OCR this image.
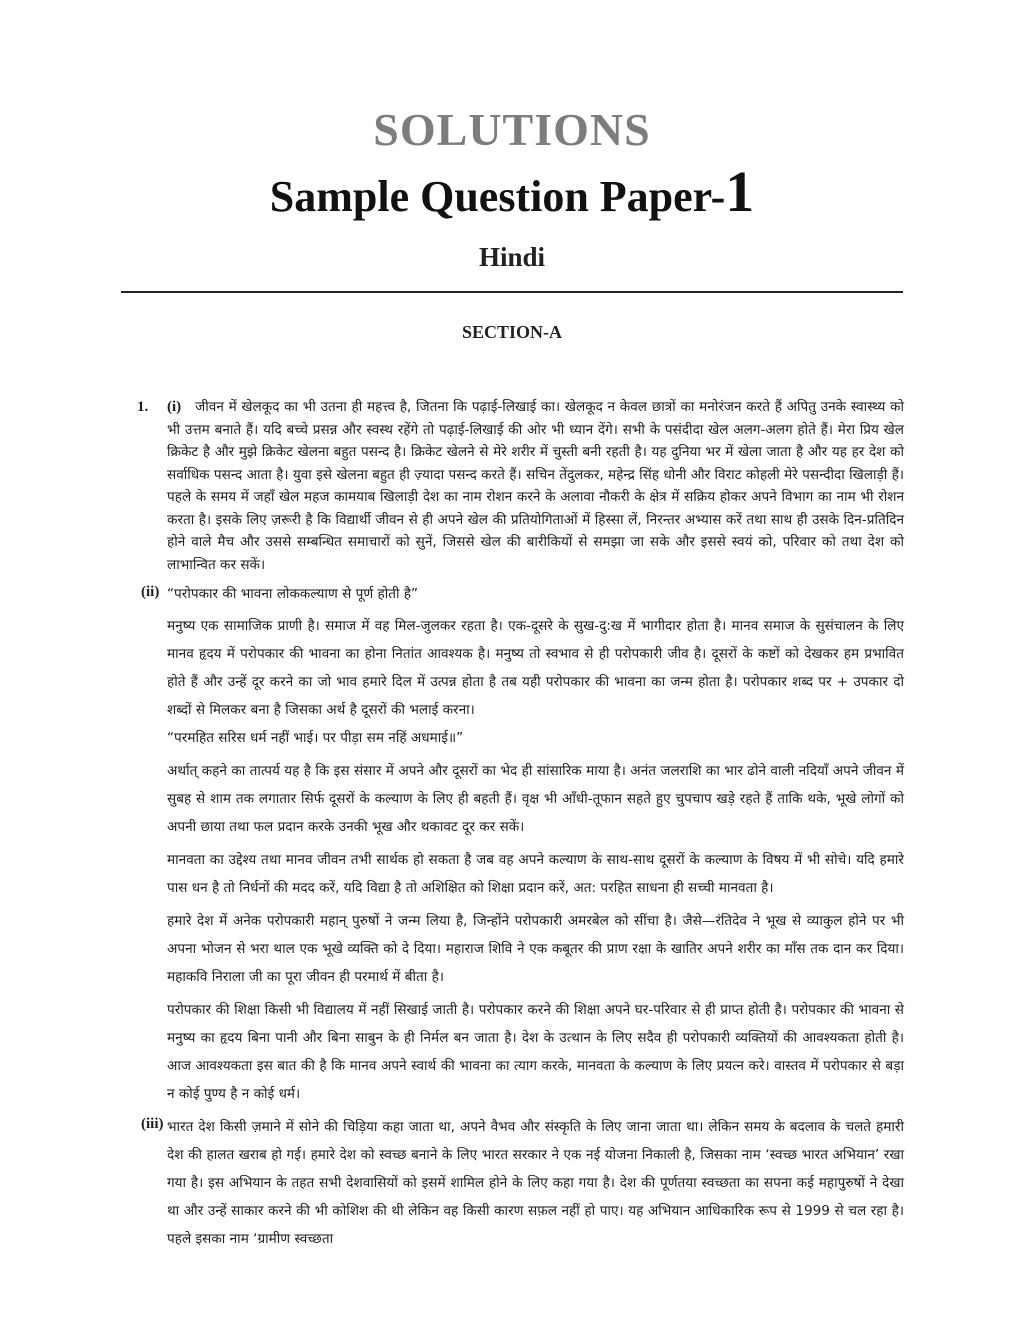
SOLUTIONS
Sample Question Paper-1
Hindi
SECTION-A
1. (i) जीवन में खेलकूद का भी उतना ही महत्त्व है, जितना कि पढ़ाई-लिखाई का। खेलकूद न केवल छात्रों का मनोरंजन करते हैं अपितु उनके स्वास्थ्य को भी उत्तम बनाते हैं। यदि बच्चे प्रसन्न और स्वस्थ रहेंगे तो पढ़ाई-लिखाई की ओर भी ध्यान देंगे। सभी के पसंदीदा खेल अलग-अलग होते हैं। मेरा प्रिय खेल क्रिकेट है और मुझे क्रिकेट खेलना बहुत पसन्द है। क्रिकेट खेलने से मेरे शरीर में चुस्ती बनी रहती है। यह दुनिया भर में खेला जाता है और यह हर देश को सर्वाधिक पसन्द आता है। युवा इसे खेलना बहुत ही ज़्यादा पसन्द करते हैं। सचिन तेंदुलकर, महेन्द्र सिंह धोनी और विराट कोहली मेरे पसन्दीदा खिलाड़ी हैं। पहले के समय में जहाँ खेल महज कामयाब खिलाड़ी देश का नाम रोशन करने के अलावा नौकरी के क्षेत्र में सक्रिय होकर अपने विभाग का नाम भी रोशन करता है। इसके लिए ज़रूरी है कि विद्यार्थी जीवन से ही अपने खेल की प्रतियोगिताओं में हिस्सा लें, निरन्तर अभ्यास करें तथा साथ ही उसके दिन-प्रतिदिन होने वाले मैच और उससे सम्बन्धित समाचारों को सुनें, जिससे खेल की बारीकियों से समझा जा सके और इससे स्वयं को, परिवार को तथा देश को लाभान्वित कर सकें।

(ii) “परोपकार की भावना लोककल्याण से पूर्ण होती है”

मनुष्य एक सामाजिक प्राणी है। समाज में वह मिल-जुलकर रहता है। एक-दूसरे के सुख-दु:ख में भागीदार होता है। मानव समाज के सुसंचालन के लिए मानव हृदय में परोपकार की भावना का होना नितांत आवश्यक है। मनुष्य तो स्वभाव से ही परोपकारी जीव है। दूसरों के कष्टों को देखकर हम प्रभावित होते हैं और उन्हें दूर करने का जो भाव हमारे दिल में उत्पन्न होता है तब यही परोपकार की भावना का जन्म होता है। परोपकार शब्द पर + उपकार दो शब्दों से मिलकर बना है जिसका अर्थ है दूसरों की भलाई करना।

“परमहित सरिस धर्म नहीं भाई। पर पीड़ा सम नहिं अधमाई॥”

अर्थात् कहने का तात्पर्य यह है कि इस संसार में अपने और दूसरों का भेद ही सांसारिक माया है। अनंत जलराशि का भार ढोने वाली नदियाँ अपने जीवन में सुबह से शाम तक लगातार सिर्फ दूसरों के कल्याण के लिए ही बहती हैं। वृक्ष भी आँधी-तूफान सहते हुए चुपचाप खड़े रहते हैं ताकि थके, भूखे लोगों को अपनी छाया तथा फल प्रदान करके उनकी भूख और थकावट दूर कर सकें।

मानवता का उद्देश्य तथा मानव जीवन तभी सार्थक हो सकता है जब वह अपने कल्याण के साथ-साथ दूसरों के कल्याण के विषय में भी सोचे। यदि हमारे पास धन है तो निर्धनों की मदद करें, यदि विद्या है तो अशिक्षित को शिक्षा प्रदान करें, अत: परहित साधना ही सच्ची मानवता है।

हमारे देश में अनेक परोपकारी महान् पुरुषों ने जन्म लिया है, जिन्होंने परोपकारी अमरबेल को सींचा है। जैसे—रंतिदेव ने भूख से व्याकुल होने पर भी अपना भोजन से भरा थाल एक भूखे व्यक्ति को दे दिया। महाराज शिवि ने एक कबूतर की प्राण रक्षा के खातिर अपने शरीर का माँस तक दान कर दिया। महाकवि निराला जी का पूरा जीवन ही परमार्थ में बीता है।

परोपकार की शिक्षा किसी भी विद्यालय में नहीं सिखाई जाती है। परोपकार करने की शिक्षा अपने घर-परिवार से ही प्राप्त होती है। परोपकार की भावना से मनुष्य का हृदय बिना पानी और बिना साबुन के ही निर्मल बन जाता है। देश के उत्थान के लिए सदैव ही परोपकारी व्यक्तियों की आवश्यकता होती है। आज आवश्यकता इस बात की है कि मानव अपने स्वार्थ की भावना का त्याग करके, मानवता के कल्याण के लिए प्रयत्न करे। वास्तव में परोपकार से बड़ा न कोई पुण्य है न कोई धर्म।

(iii) भारत देश किसी ज़माने में सोने की चिड़िया कहा जाता था, अपने वैभव और संस्कृति के लिए जाना जाता था। लेकिन समय के बदलाव के चलते हमारी देश की हालत खराब हो गई। हमारे देश को स्वच्छ बनाने के लिए भारत सरकार ने एक नई योजना निकाली है, जिसका नाम ‘स्वच्छ भारत अभियान’ रखा गया है। इस अभियान के तहत सभी देशवासियों को इसमें शामिल होने के लिए कहा गया है। देश की पूर्णतया स्वच्छता का सपना कई महापुरुषों ने देखा था और उन्हें साकार करने की भी कोशिश की थी लेकिन वह किसी कारण सफ़ल नहीं हो पाए। यह अभियान आधिकारिक रूप से 1999 से चल रहा है। पहले इसका नाम ‘ग्रामीण स्वच्छता
